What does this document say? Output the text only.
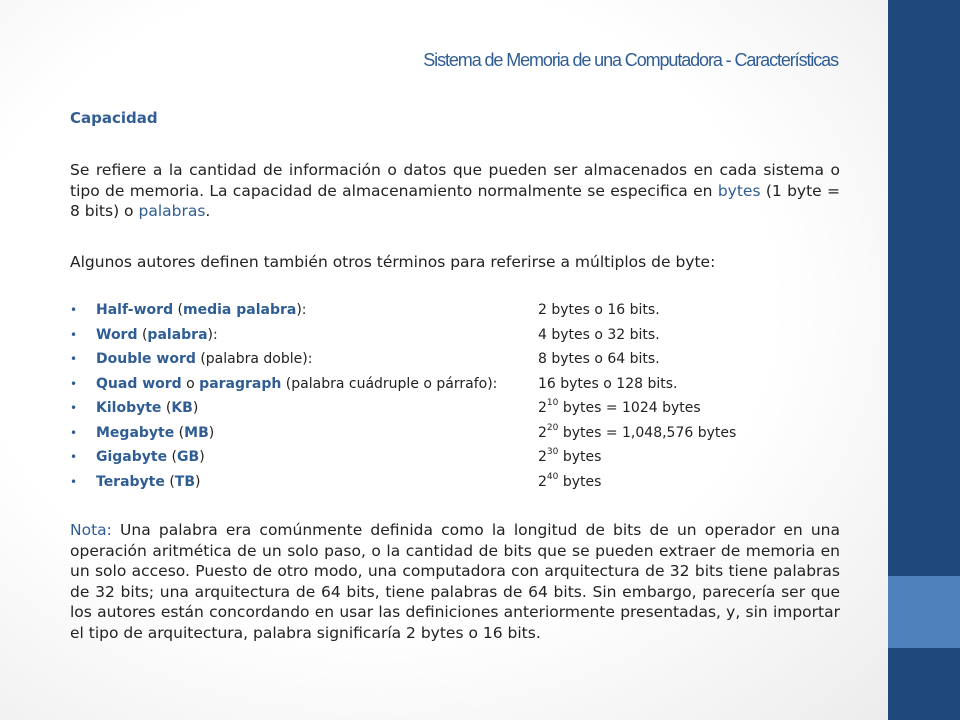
Sistema de Memoria de una Computadora - Características

Capacidad

Se refiere a la cantidad de información o datos que pueden ser almacenados en cada sistema o tipo de memoria. La capacidad de almacenamiento normalmente se especifica en bytes (1 byte = 8 bits) o palabras.

Algunos autores definen también otros términos para referirse a múltiplos de byte:

• Half-word (media palabra):	2 bytes o 16 bits.
• Word (palabra):	4 bytes o 32 bits.
• Double word (palabra doble):	8 bytes o 64 bits.
• Quad word o paragraph (palabra cuádruple o párrafo):	16 bytes o 128 bits.
• Kilobyte (KB)	$2^{10}$ bytes = 1024 bytes
• Megabyte (MB)	$2^{20}$ bytes = 1,048,576 bytes
• Gigabyte (GB)	$2^{30}$ bytes
• Terabyte (TB)	$2^{40}$ bytes

Nota: Una palabra era comúnmente definida como la longitud de bits de un operador en una operación aritmética de un solo paso, o la cantidad de bits que se pueden extraer de memoria en un solo acceso. Puesto de otro modo, una computadora con arquitectura de 32 bits tiene palabras de 32 bits; una arquitectura de 64 bits, tiene palabras de 64 bits. Sin embargo, parecería ser que los autores están concordando en usar las definiciones anteriormente presentadas, y, sin importar el tipo de arquitectura, palabra significaría 2 bytes o 16 bits.
